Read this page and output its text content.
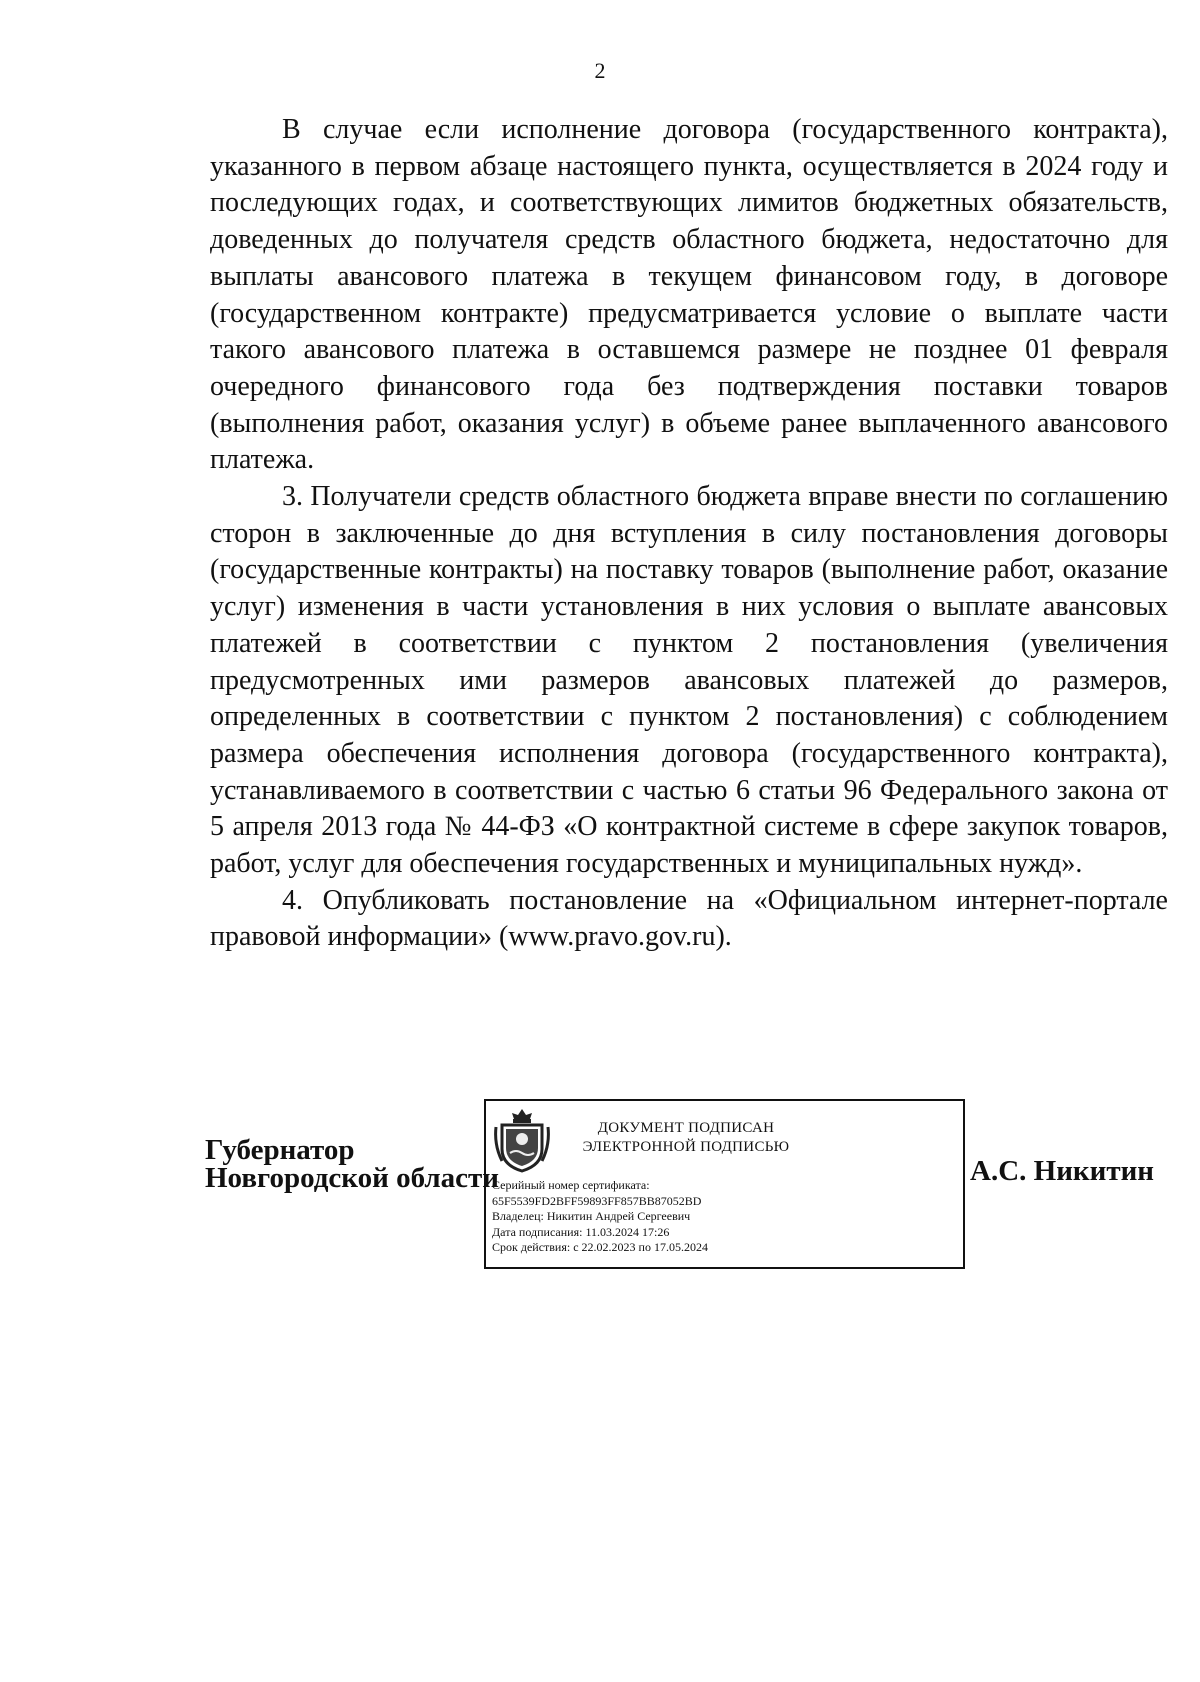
2

В случае если исполнение договора (государственного контракта), указанного в первом абзаце настоящего пункта, осуществляется в 2024 году и последующих годах, и соответствующих лимитов бюджетных обязательств, доведенных до получателя средств областного бюджета, недостаточно для выплаты авансового платежа в текущем финансовом году, в договоре (государственном контракте) предусматривается условие о выплате части такого авансового платежа в оставшемся размере не позднее 01 февраля очередного финансового года без подтверждения поставки товаров (выполнения работ, оказания услуг) в объеме ранее выплаченного авансового платежа.

3. Получатели средств областного бюджета вправе внести по соглашению сторон в заключенные до дня вступления в силу постановления договоры (государственные контракты) на поставку товаров (выполнение работ, оказание услуг) изменения в части установления в них условия о выплате авансовых платежей в соответствии с пунктом 2 постановления (увеличения предусмотренных ими размеров авансовых платежей до размеров, определенных в соответствии с пунктом 2 постановления) с соблюдением размера обеспечения исполнения договора (государственного контракта), устанавливаемого в соответствии с частью 6 статьи 96 Федерального закона от 5 апреля 2013 года № 44-ФЗ «О контрактной системе в сфере закупок товаров, работ, услуг для обеспечения государственных и муниципальных нужд».

4. Опубликовать постановление на «Официальном интернет-портале правовой информации» (www.pravo.gov.ru).

Губернатор
Новгородской области
ДОКУМЕНТ ПОДПИСАН
ЭЛЕКТРОННОЙ ПОДПИСЬЮ
Серийный номер сертификата:
65F5539FD2BFF59893FF857BB87052BD
Владелец: Никитин Андрей Сергеевич
Дата подписания: 11.03.2024 17:26
Срок действия: с 22.02.2023 по 17.05.2024
А.С. Никитин
